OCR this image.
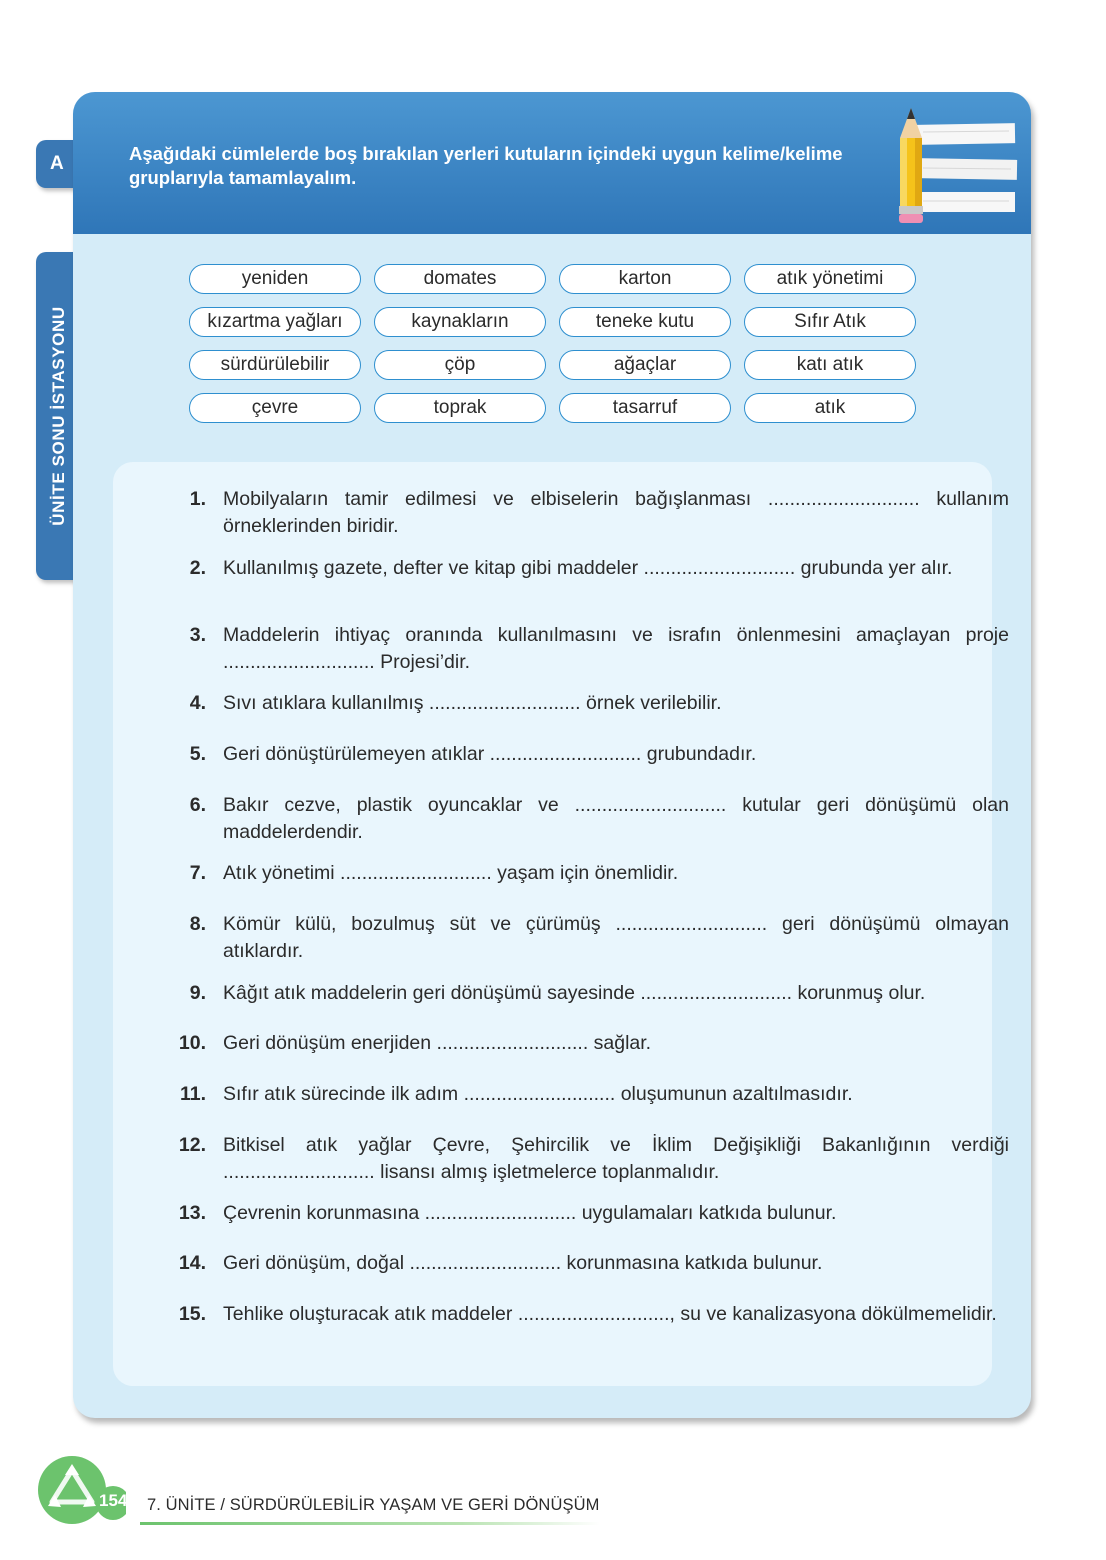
A
ÜNİTE SONU İSTASYONU
Aşağıdaki cümlelerde boş bırakılan yerleri kutuların içindeki uygun kelime/kelime gruplarıyla tamamlayalım.
yeniden	domates	karton	atık yönetimi
kızartma yağları	kaynakların	teneke kutu	Sıfır Atık
sürdürülebilir	çöp	ağaçlar	katı atık
çevre	toprak	tasarruf	atık
1. Mobilyaların tamir edilmesi ve elbiselerin bağışlanması ............................ kullanım örneklerinden biridir.
2. Kullanılmış gazete, defter ve kitap gibi maddeler ............................ grubunda yer alır.
3. Maddelerin ihtiyaç oranında kullanılmasını ve israfın önlenmesini amaçlayan proje ............................ Projesi’dir.
4. Sıvı atıklara kullanılmış ............................ örnek verilebilir.
5. Geri dönüştürülemeyen atıklar ............................ grubundadır.
6. Bakır cezve, plastik oyuncaklar ve ............................ kutular geri dönüşümü olan maddelerdendir.
7. Atık yönetimi ............................ yaşam için önemlidir.
8. Kömür külü, bozulmuş süt ve çürümüş ............................ geri dönüşümü olmayan atıklardır.
9. Kâğıt atık maddelerin geri dönüşümü sayesinde ............................ korunmuş olur.
10. Geri dönüşüm enerjiden ............................ sağlar.
11. Sıfır atık sürecinde ilk adım ............................ oluşumunun azaltılmasıdır.
12. Bitkisel atık yağlar Çevre, Şehircilik ve İklim Değişikliği Bakanlığının verdiği ............................ lisansı almış işletmelerce toplanmalıdır.
13. Çevrenin korunmasına ............................ uygulamaları katkıda bulunur.
14. Geri dönüşüm, doğal ............................ korunmasına katkıda bulunur.
15. Tehlike oluşturacak atık maddeler ............................, su ve kanalizasyona dökülmemelidir.
154 7. ÜNİTE / SÜRDÜRÜLEBİLİR YAŞAM VE GERİ DÖNÜŞÜM
